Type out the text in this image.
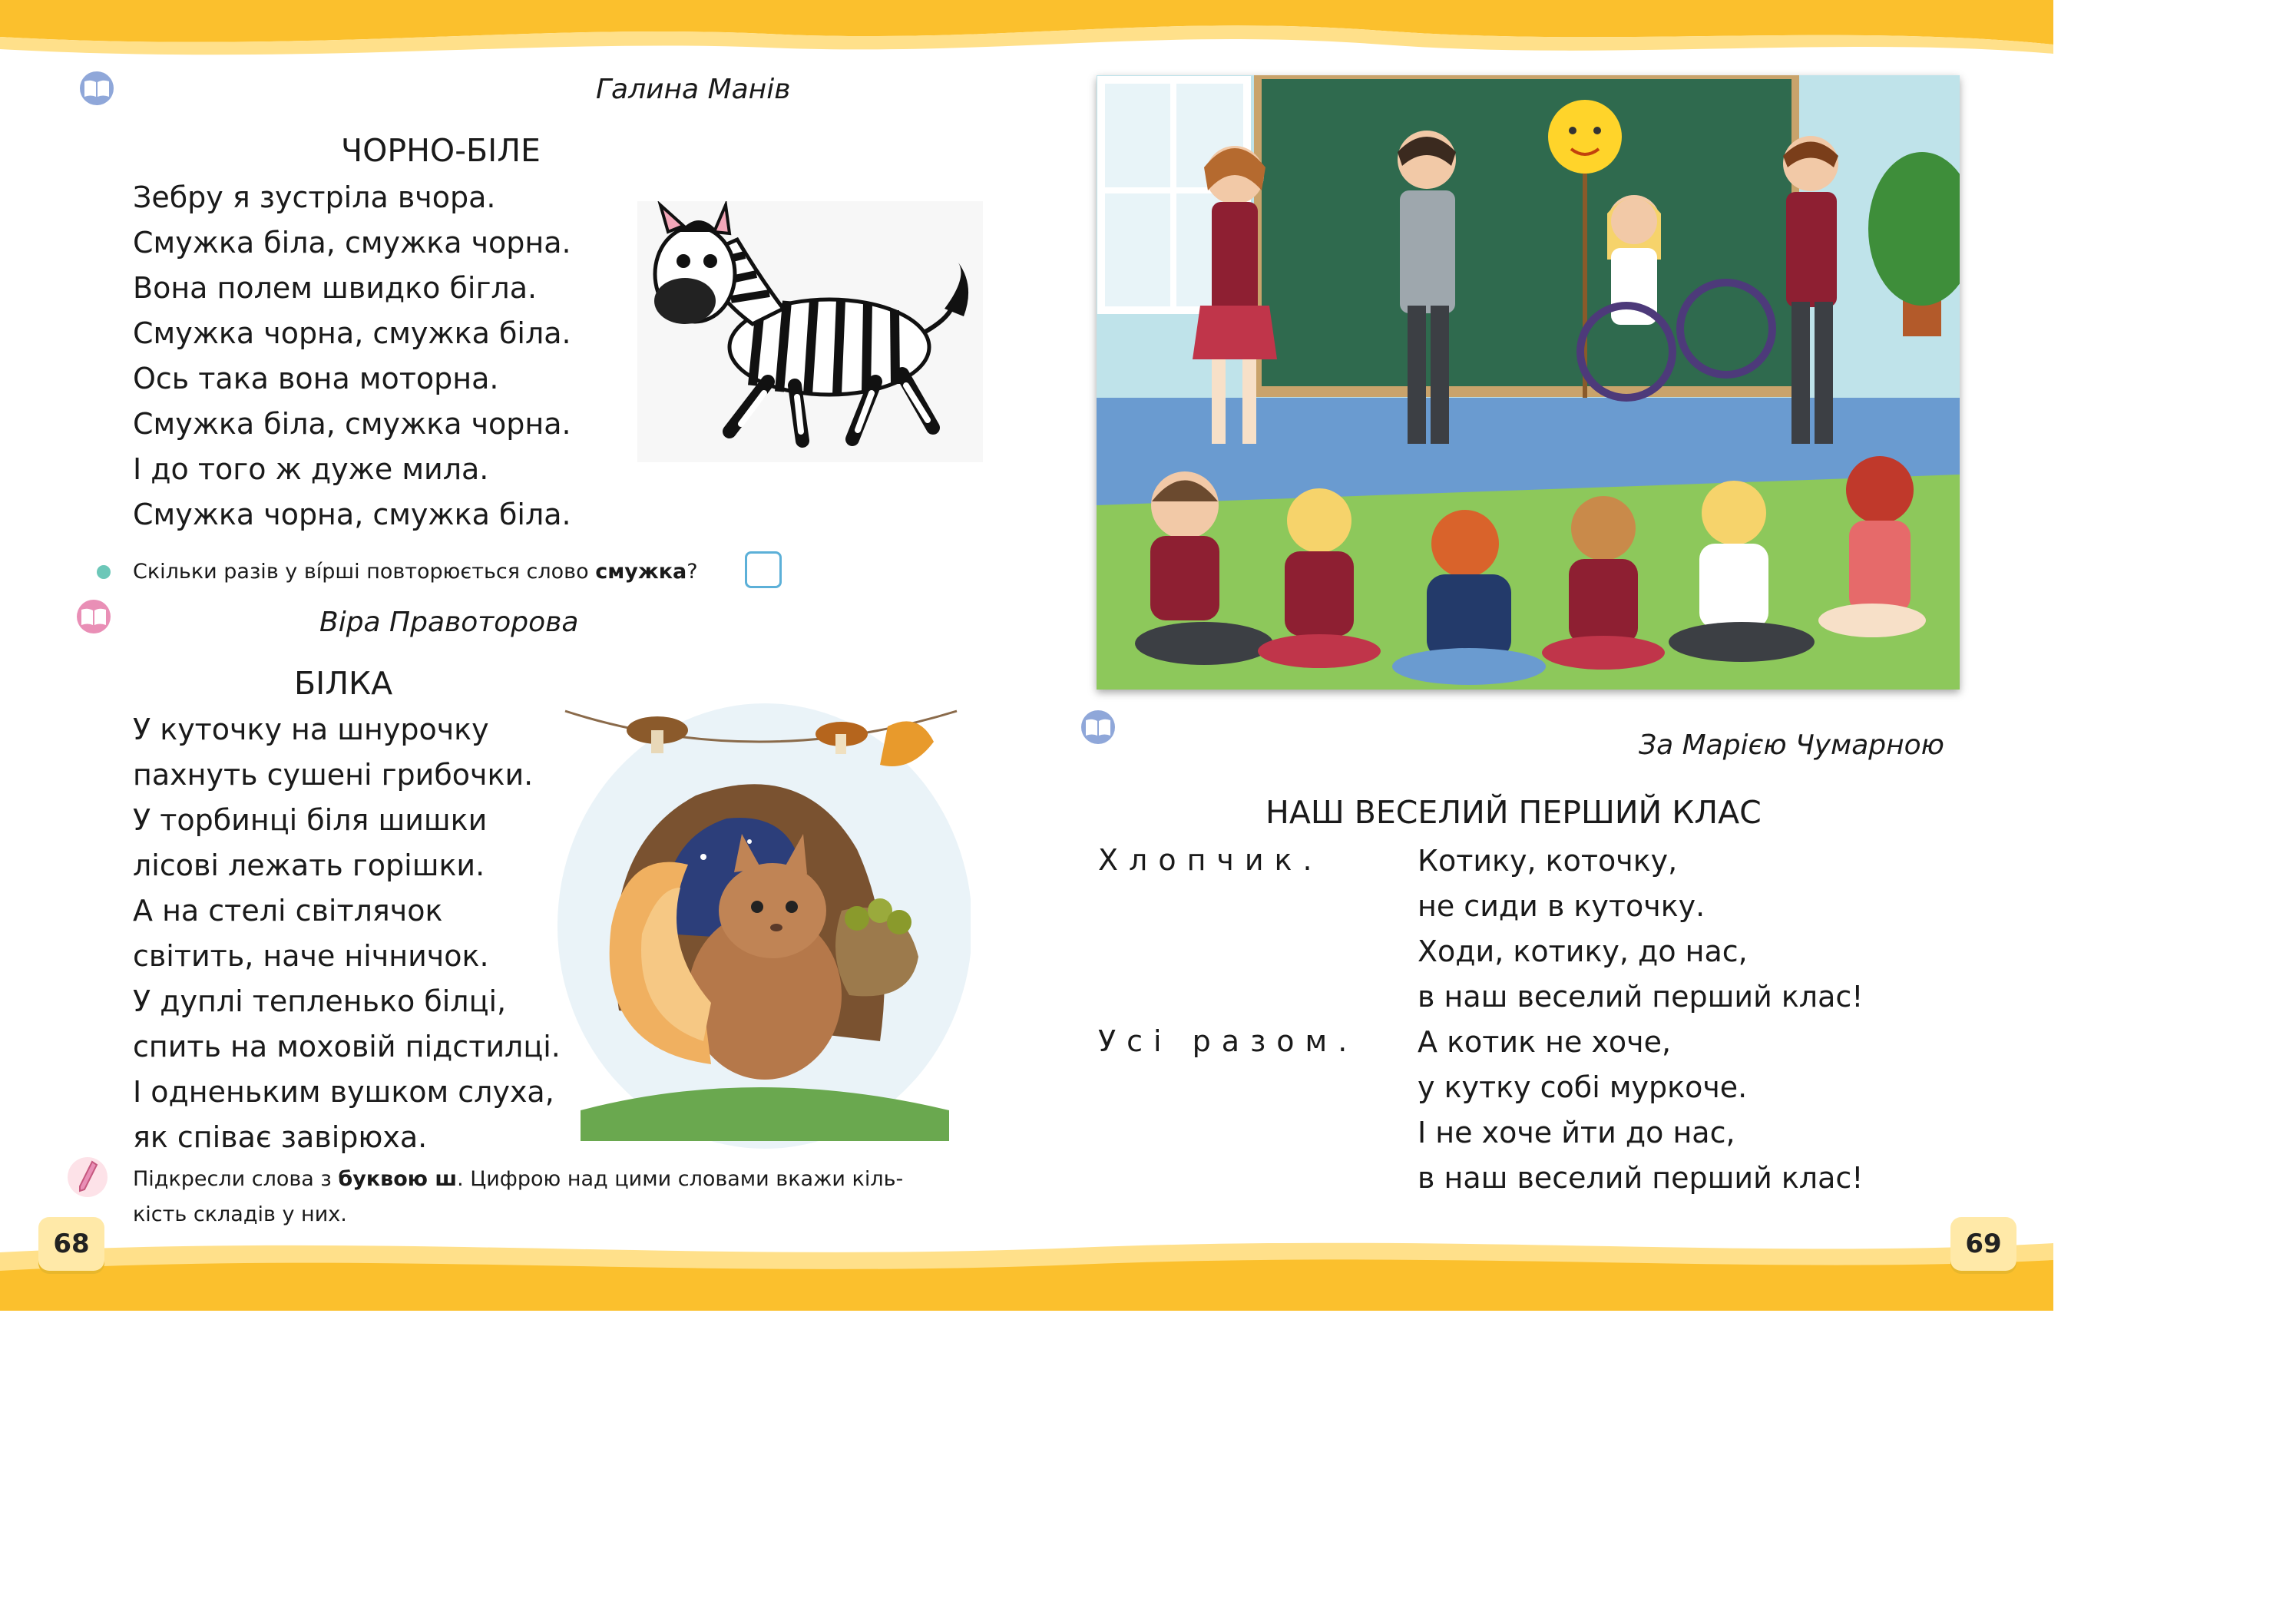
Галина Манів
ЧОРНО-БІЛЕ
Зебру я зустріла вчора.
Смужка біла, смужка чорна.
Вона полем швидко бігла.
Смужка чорна, смужка біла.
Ось така вона моторна.
Смужка біла, смужка чорна.
І до того ж дуже мила.
Смужка чорна, смужка біла.
Скільки разів у ві́рші повторюється слово смужка?
Віра Правоторова
БІЛКА
У куточку на шнурочку
пахнуть сушені грибочки.
У торбинці біля шишки
лісові лежать горішки.
А на стелі світлячок
світить, наче нічничок.
У дуплі тепленько білці,
спить на моховій підстилці.
І одненьким вушком слуха,
як співає завірюха.
Підкресли слова з буквою ш. Цифрою над цими словами вкажи кіль-
кість складів у них.
68
За Марією Чумарною
НАШ ВЕСЕЛИЙ ПЕРШИЙ КЛАС
Хлопчик.	Котику, коточку,
не сиди в куточку.
Ходи, котику, до нас,
в наш веселий перший клас!
Усі разом. А котик не хоче,
у кутку собі муркоче.
І не хоче йти до нас,
в наш веселий перший клас!
69
